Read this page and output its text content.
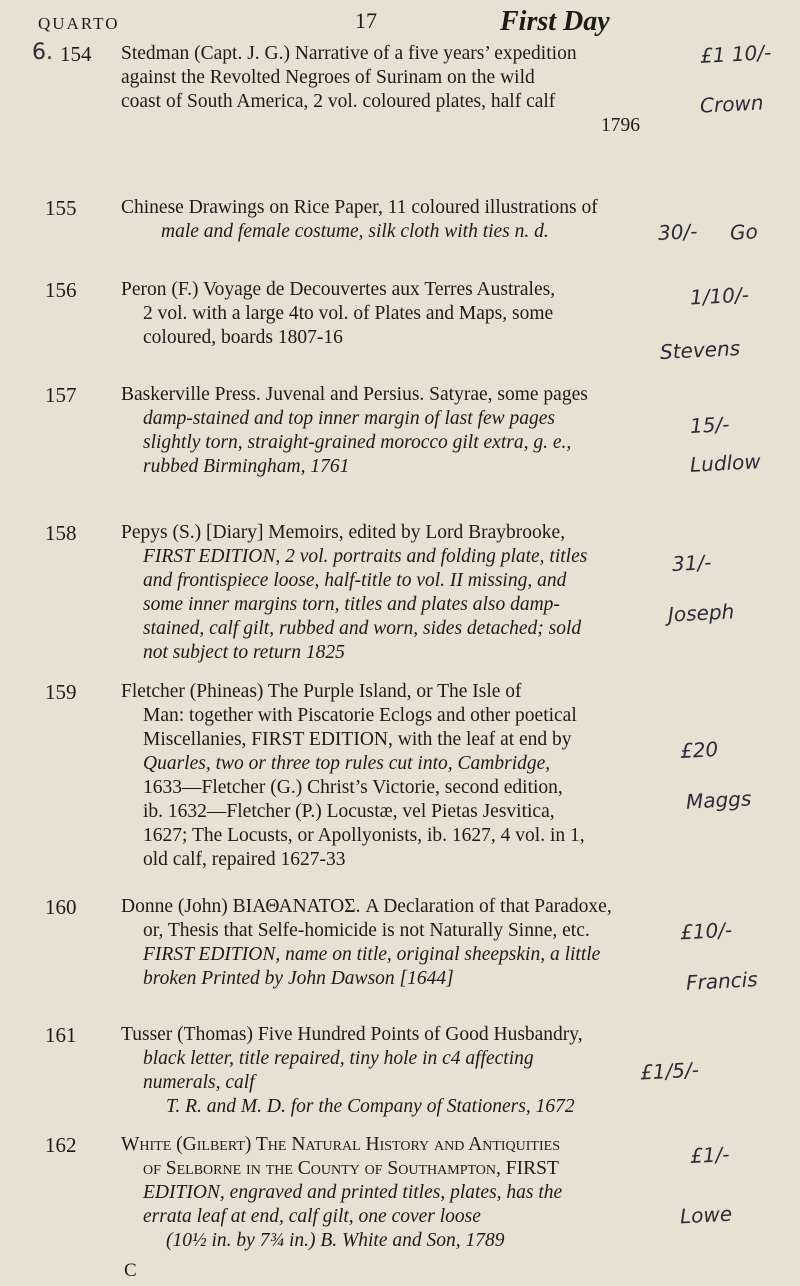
QUARTO	17	First Day
6. 154 Stedman (Capt. J. G.) Narrative of a five years’ expedition
against the Revolted Negroes of Surinam on the wild
coast of South America, 2 vol. coloured plates, half calf
1796
£1 10/-
Crown
155 Chinese Drawings on Rice Paper, 11 coloured illustrations of
male and female costume, silk cloth with ties n. d.	30/- Go
156 Peron (F.) Voyage de Decouvertes aux Terres Australes,
2 vol. with a large 4to vol. of Plates and Maps, some
coloured, boards 1807-16
1/10/-
Stevens
157 Baskerville Press. Juvenal and Persius. Satyrae, some pages
damp-stained and top inner margin of last few pages
slightly torn, straight-grained morocco gilt extra, g. e.,
rubbed Birmingham, 1761
15/-
Ludlow
158 Pepys (S.) [Diary] Memoirs, edited by Lord Braybrooke,
FIRST EDITION, 2 vol. portraits and folding plate, titles
and frontispiece loose, half-title to vol. II missing, and
some inner margins torn, titles and plates also damp-
stained, calf gilt, rubbed and worn, sides detached; sold
not subject to return 1825
31/-
Joseph
159 Fletcher (Phineas) The Purple Island, or The Isle of
Man: together with Piscatorie Eclogs and other poetical
Miscellanies, FIRST EDITION, with the leaf at end by
Quarles, two or three top rules cut into, Cambridge,
1633—Fletcher (G.) Christ’s Victorie, second edition,
ib. 1632—Fletcher (P.) Locustæ, vel Pietas Jesvitica,
1627; The Locusts, or Apollyonists, ib. 1627, 4 vol. in 1,
old calf, repaired 1627-33
£20
Maggs
160 Donne (John) ΒΙΑΘΑΝΑΤΟΣ. A Declaration of that Paradoxe,
or, Thesis that Selfe-homicide is not Naturally Sinne, etc.
FIRST EDITION, name on title, original sheepskin, a little
broken Printed by John Dawson [1644]
£10/-
Francis
161 Tusser (Thomas) Five Hundred Points of Good Husbandry,
black letter, title repaired, tiny hole in c4 affecting
numerals, calf
T. R. and M. D. for the Company of Stationers, 1672
£1/5/-
162 White (Gilbert) The Natural History and Antiquities
of Selborne in the County of Southampton, FIRST
EDITION, engraved and printed titles, plates, has the
errata leaf at end, calf gilt, one cover loose
(10½ in. by 7¾ in.) B. White and Son, 1789
£1/-
Lowe
C
